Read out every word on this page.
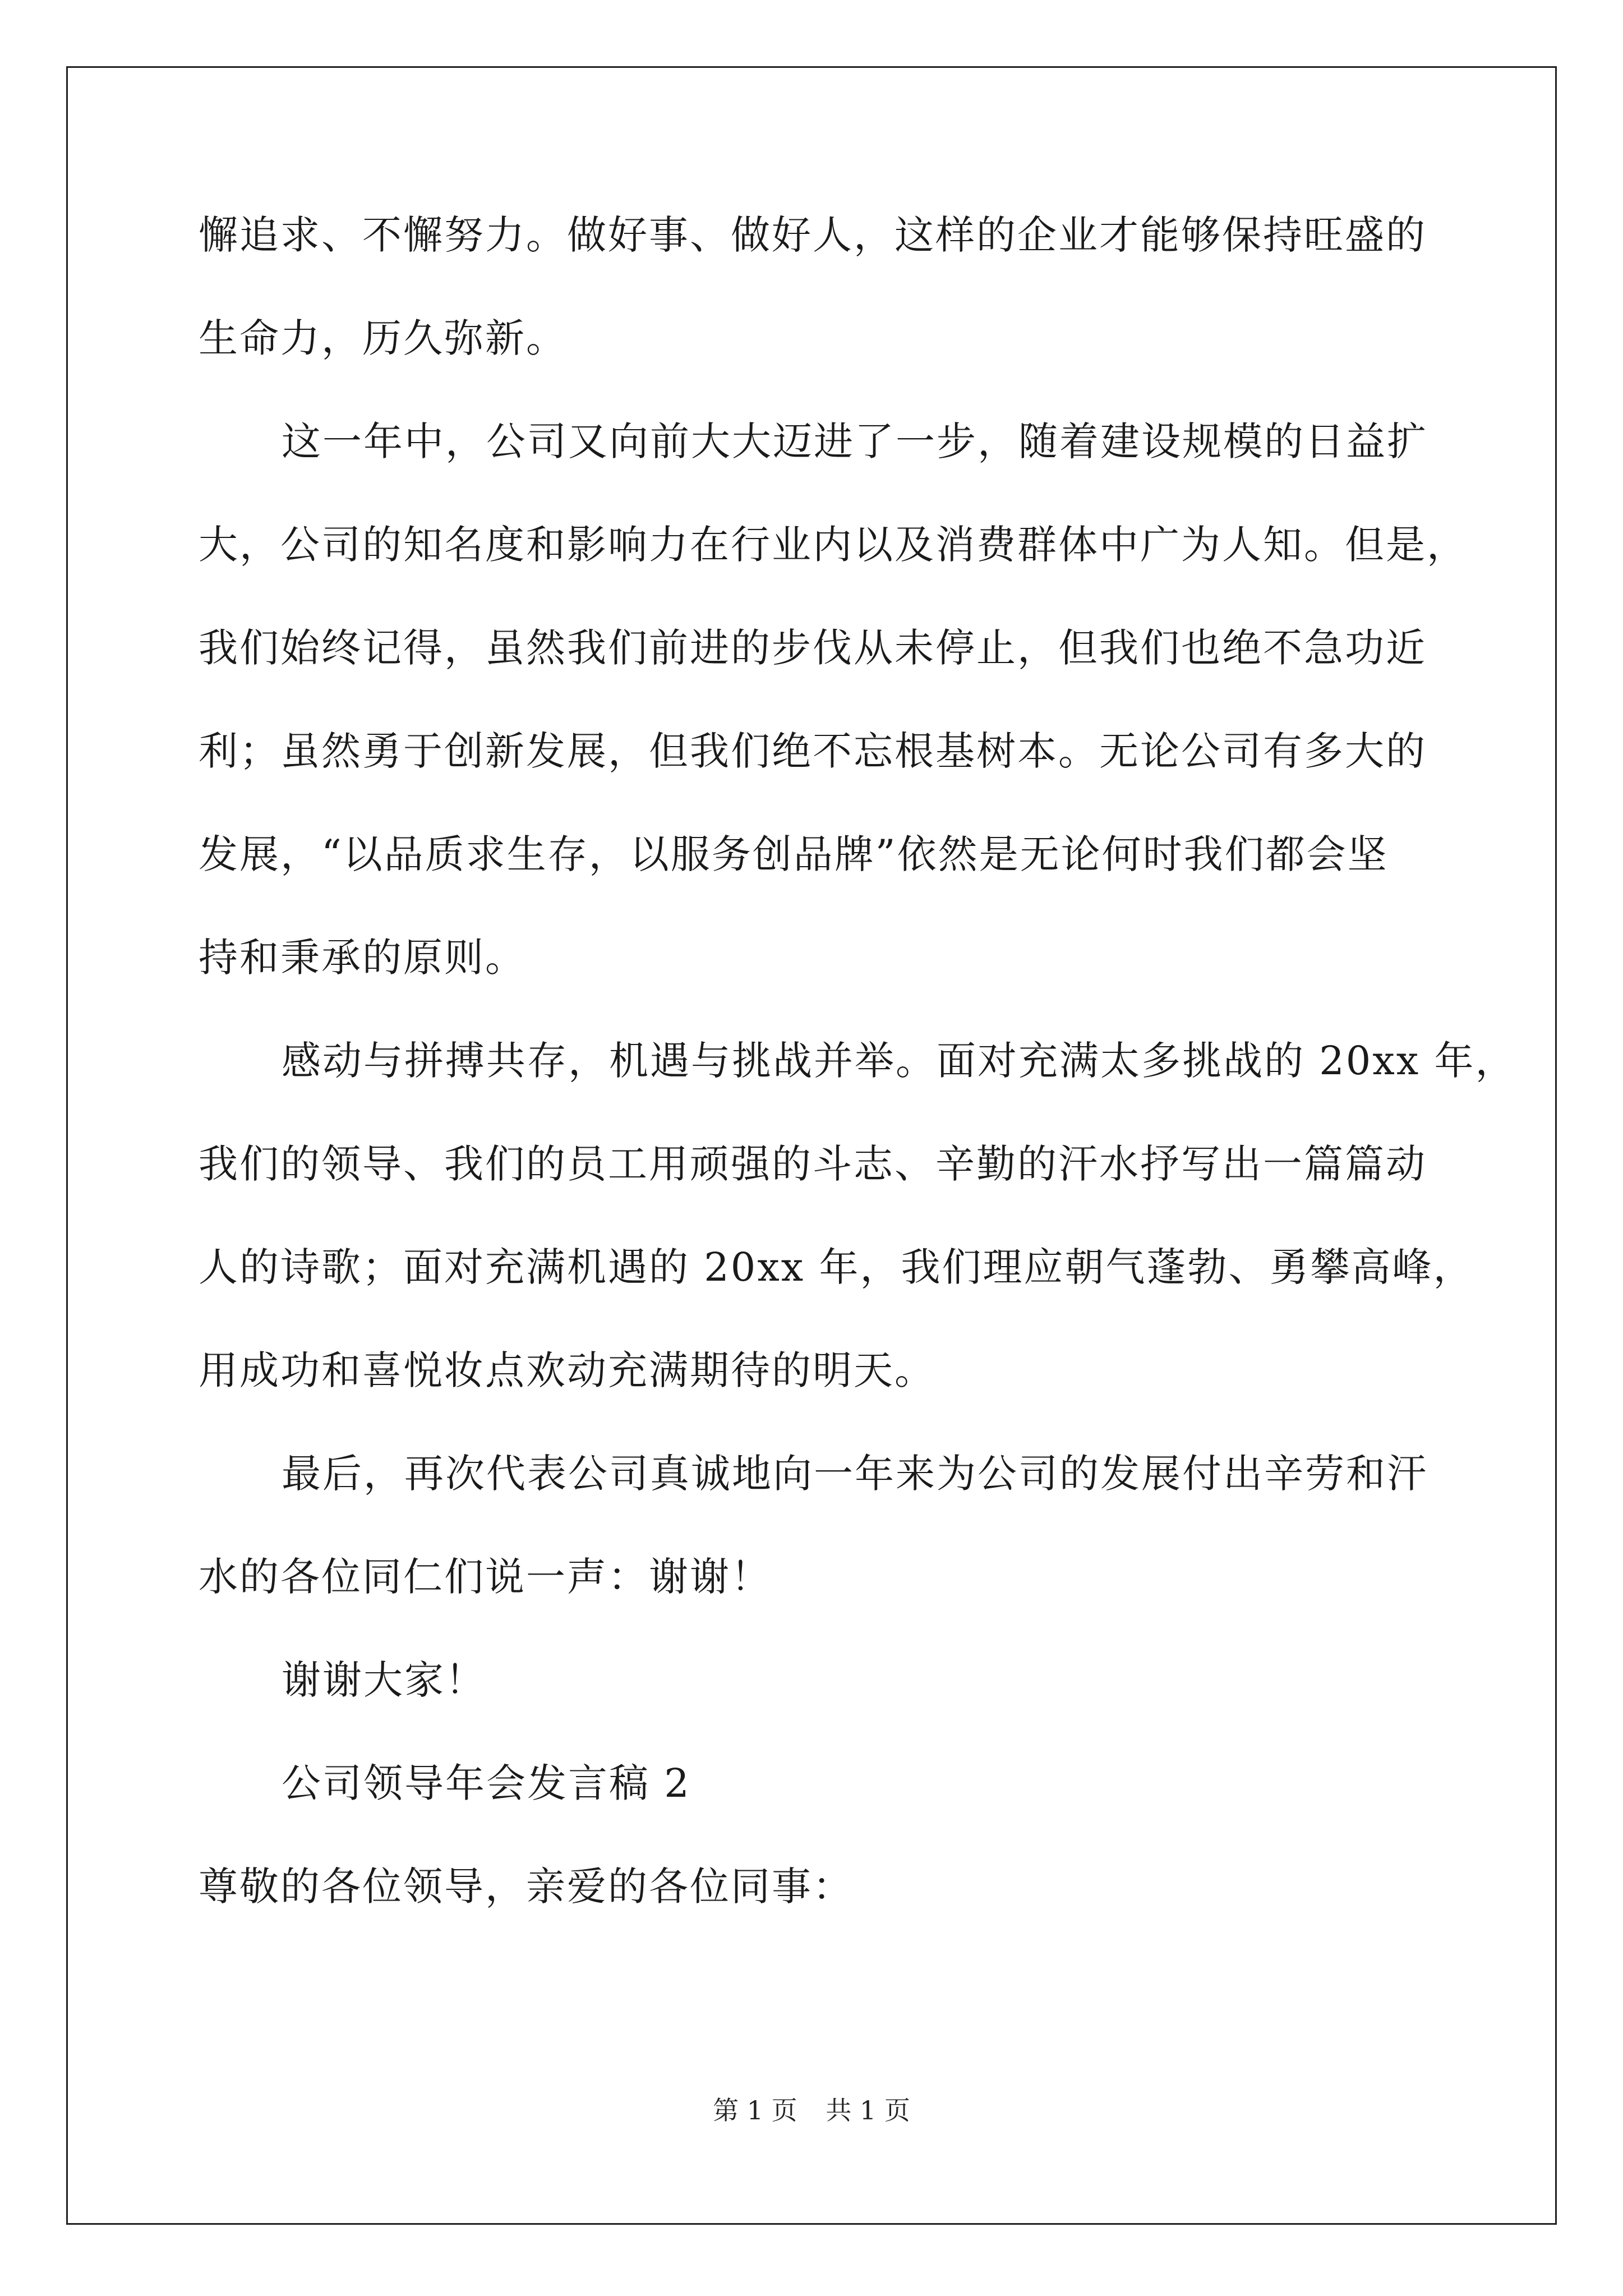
懈追求、不懈努力。做好事、做好人，这样的企业才能够保持旺盛的
生命力，历久弥新。
这一年中，公司又向前大大迈进了一步，随着建设规模的日益扩
大，公司的知名度和影响力在行业内以及消费群体中广为人知。但是，
我们始终记得，虽然我们前进的步伐从未停止，但我们也绝不急功近
利；虽然勇于创新发展，但我们绝不忘根基树本。无论公司有多大的
发展，“以品质求生存，以服务创品牌”依然是无论何时我们都会坚
持和秉承的原则。
感动与拼搏共存，机遇与挑战并举。面对充满太多挑战的 20xx 年，
我们的领导、我们的员工用顽强的斗志、辛勤的汗水抒写出一篇篇动
人的诗歌；面对充满机遇的 20xx 年，我们理应朝气蓬勃、勇攀高峰，
用成功和喜悦妆点欢动充满期待的明天。
最后，再次代表公司真诚地向一年来为公司的发展付出辛劳和汗
水的各位同仁们说一声：谢谢！
谢谢大家！
公司领导年会发言稿 2
尊敬的各位领导，亲爱的各位同事：
第 1 页 共 1 页
